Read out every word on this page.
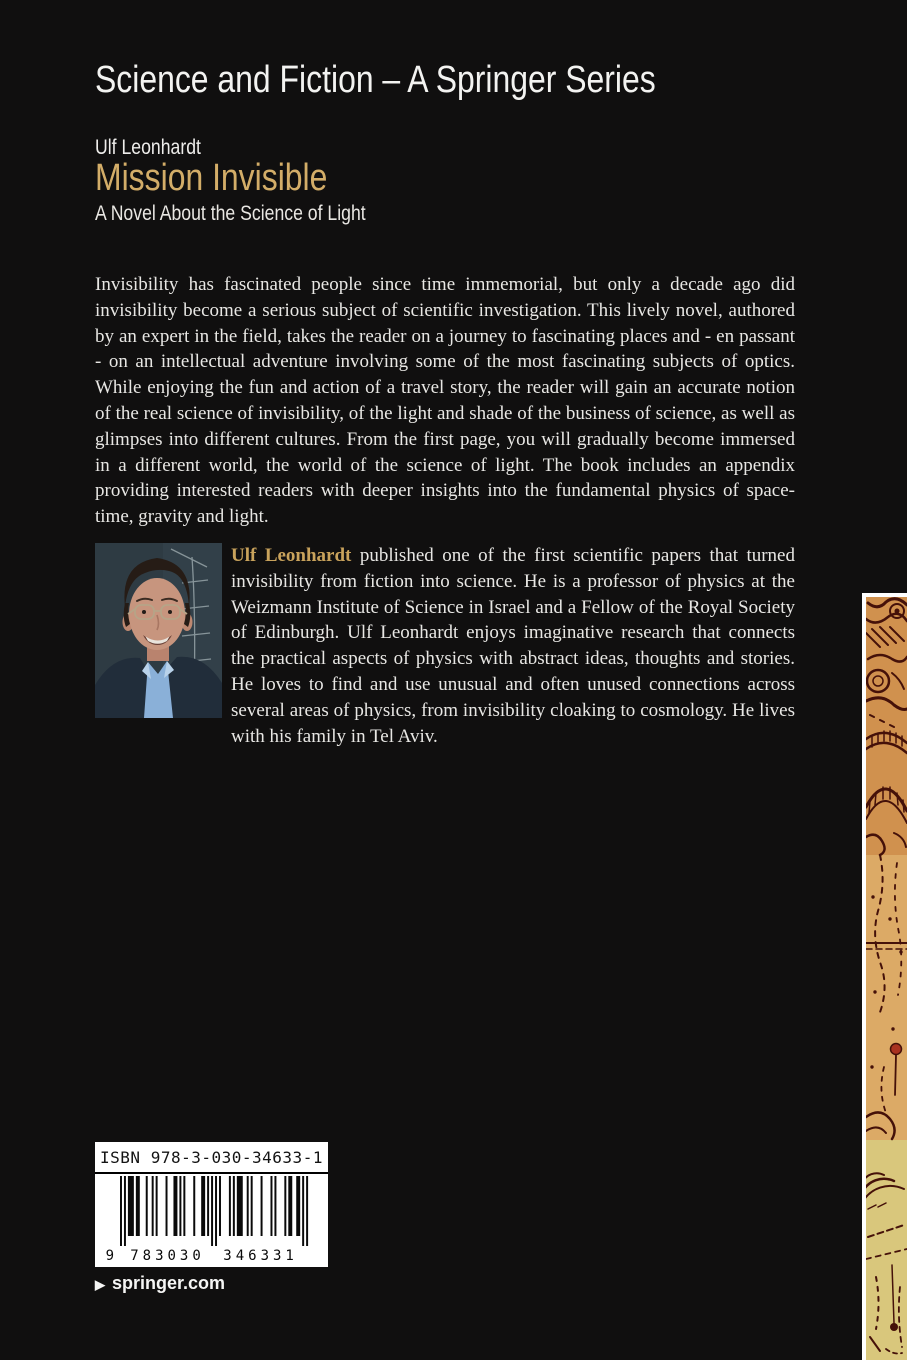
Science and Fiction – A Springer Series
Ulf Leonhardt
Mission Invisible
A Novel About the Science of Light
Invisibility has fascinated people since time immemorial, but only a decade ago did invisibility become a serious subject of scientific investigation. This lively novel, authored by an expert in the field, takes the reader on a journey to fascinating places and - en passant - on an intellectual adventure involving some of the most fascinating subjects of optics. While enjoying the fun and action of a travel story, the reader will gain an accurate notion of the real science of invisibility, of the light and shade of the business of science, as well as glimpses into different cultures. From the first page, you will gradually become immersed in a different world, the world of the science of light. The book includes an appendix providing interested readers with deeper insights into the fundamental physics of space-time, gravity and light.
Ulf Leonhardt published one of the first scientific papers that turned invisibility from fiction into science. He is a professor of physics at the Weizmann Institute of Science in Israel and a Fellow of the Royal Society of Edinburgh. Ulf Leonhardt enjoys imaginative research that connects the practical aspects of physics with abstract ideas, thoughts and stories. He loves to find and use unusual and often unused connections across several areas of physics, from invisibility cloaking to cosmology. He lives with his family in Tel Aviv.
ISBN 978-3-030-34633-1
9 783030 346331
▶ springer.com
